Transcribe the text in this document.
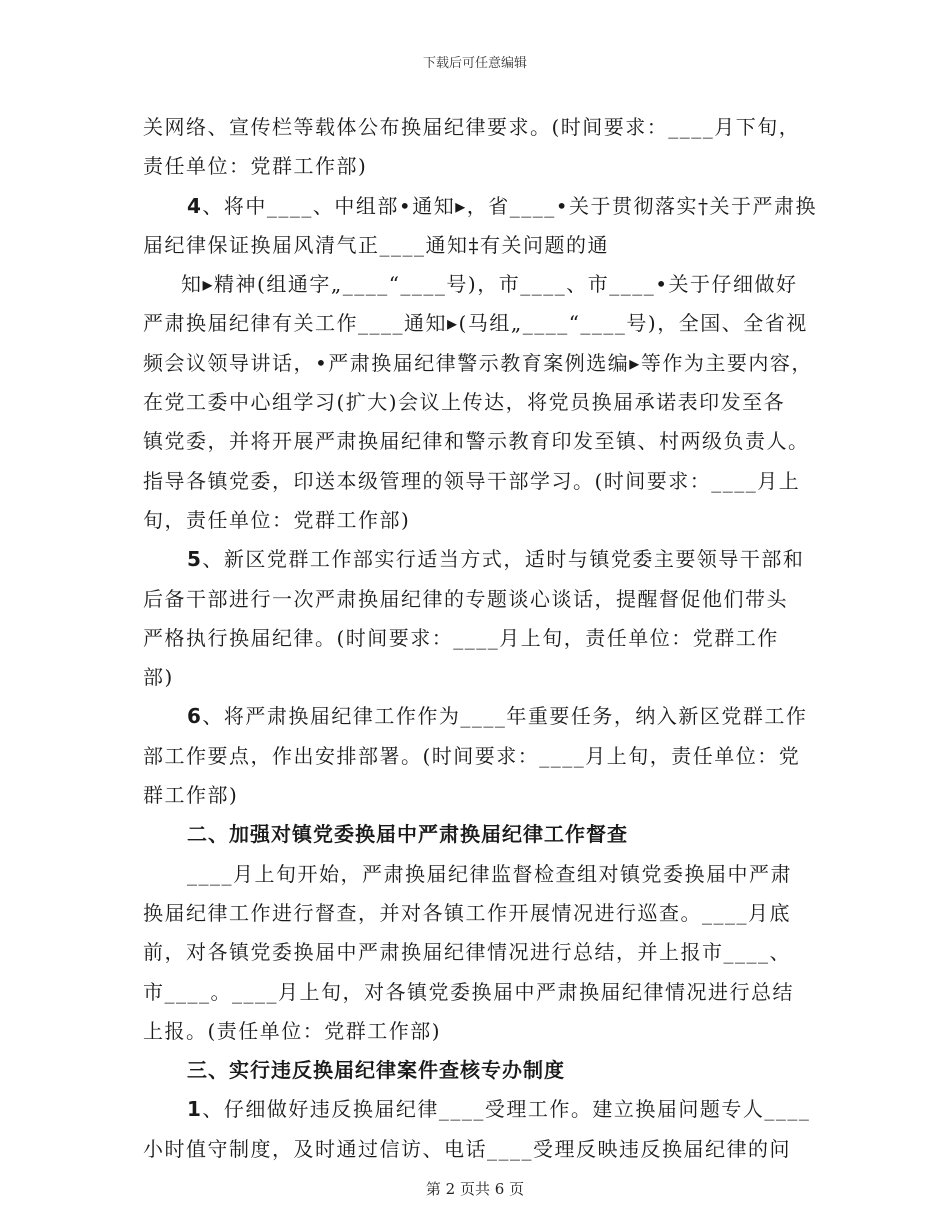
下载后可任意编辑
关网络、宣传栏等载体公布换届纪律要求。(时间要求：____月下旬，
责任单位：党群工作部)
4、将中____、中组部•通知▸，省____•关于贯彻落实†关于严肃换
届纪律保证换届风清气正____通知‡有关问题的通
知▸精神(组通字„____“____号)，市____、市____•关于仔细做好
严肃换届纪律有关工作____通知▸(马组„____“____号)，全国、全省视
频会议领导讲话，•严肃换届纪律警示教育案例选编▸等作为主要内容，
在党工委中心组学习(扩大)会议上传达，将党员换届承诺表印发至各
镇党委，并将开展严肃换届纪律和警示教育印发至镇、村两级负责人。
指导各镇党委，印送本级管理的领导干部学习。(时间要求：____月上
旬，责任单位：党群工作部)
5、新区党群工作部实行适当方式，适时与镇党委主要领导干部和
后备干部进行一次严肃换届纪律的专题谈心谈话，提醒督促他们带头
严格执行换届纪律。(时间要求：____月上旬，责任单位：党群工作
部)
6、将严肃换届纪律工作作为____年重要任务，纳入新区党群工作
部工作要点，作出安排部署。(时间要求：____月上旬，责任单位：党
群工作部)
二、加强对镇党委换届中严肃换届纪律工作督查
____月上旬开始，严肃换届纪律监督检查组对镇党委换届中严肃
换届纪律工作进行督查，并对各镇工作开展情况进行巡查。____月底
前，对各镇党委换届中严肃换届纪律情况进行总结，并上报市____、
市____。____月上旬，对各镇党委换届中严肃换届纪律情况进行总结
上报。(责任单位：党群工作部)
三、实行违反换届纪律案件查核专办制度
1、仔细做好违反换届纪律____受理工作。建立换届问题专人____
小时值守制度，及时通过信访、电话____受理反映违反换届纪律的问
第 2 页共 6 页
